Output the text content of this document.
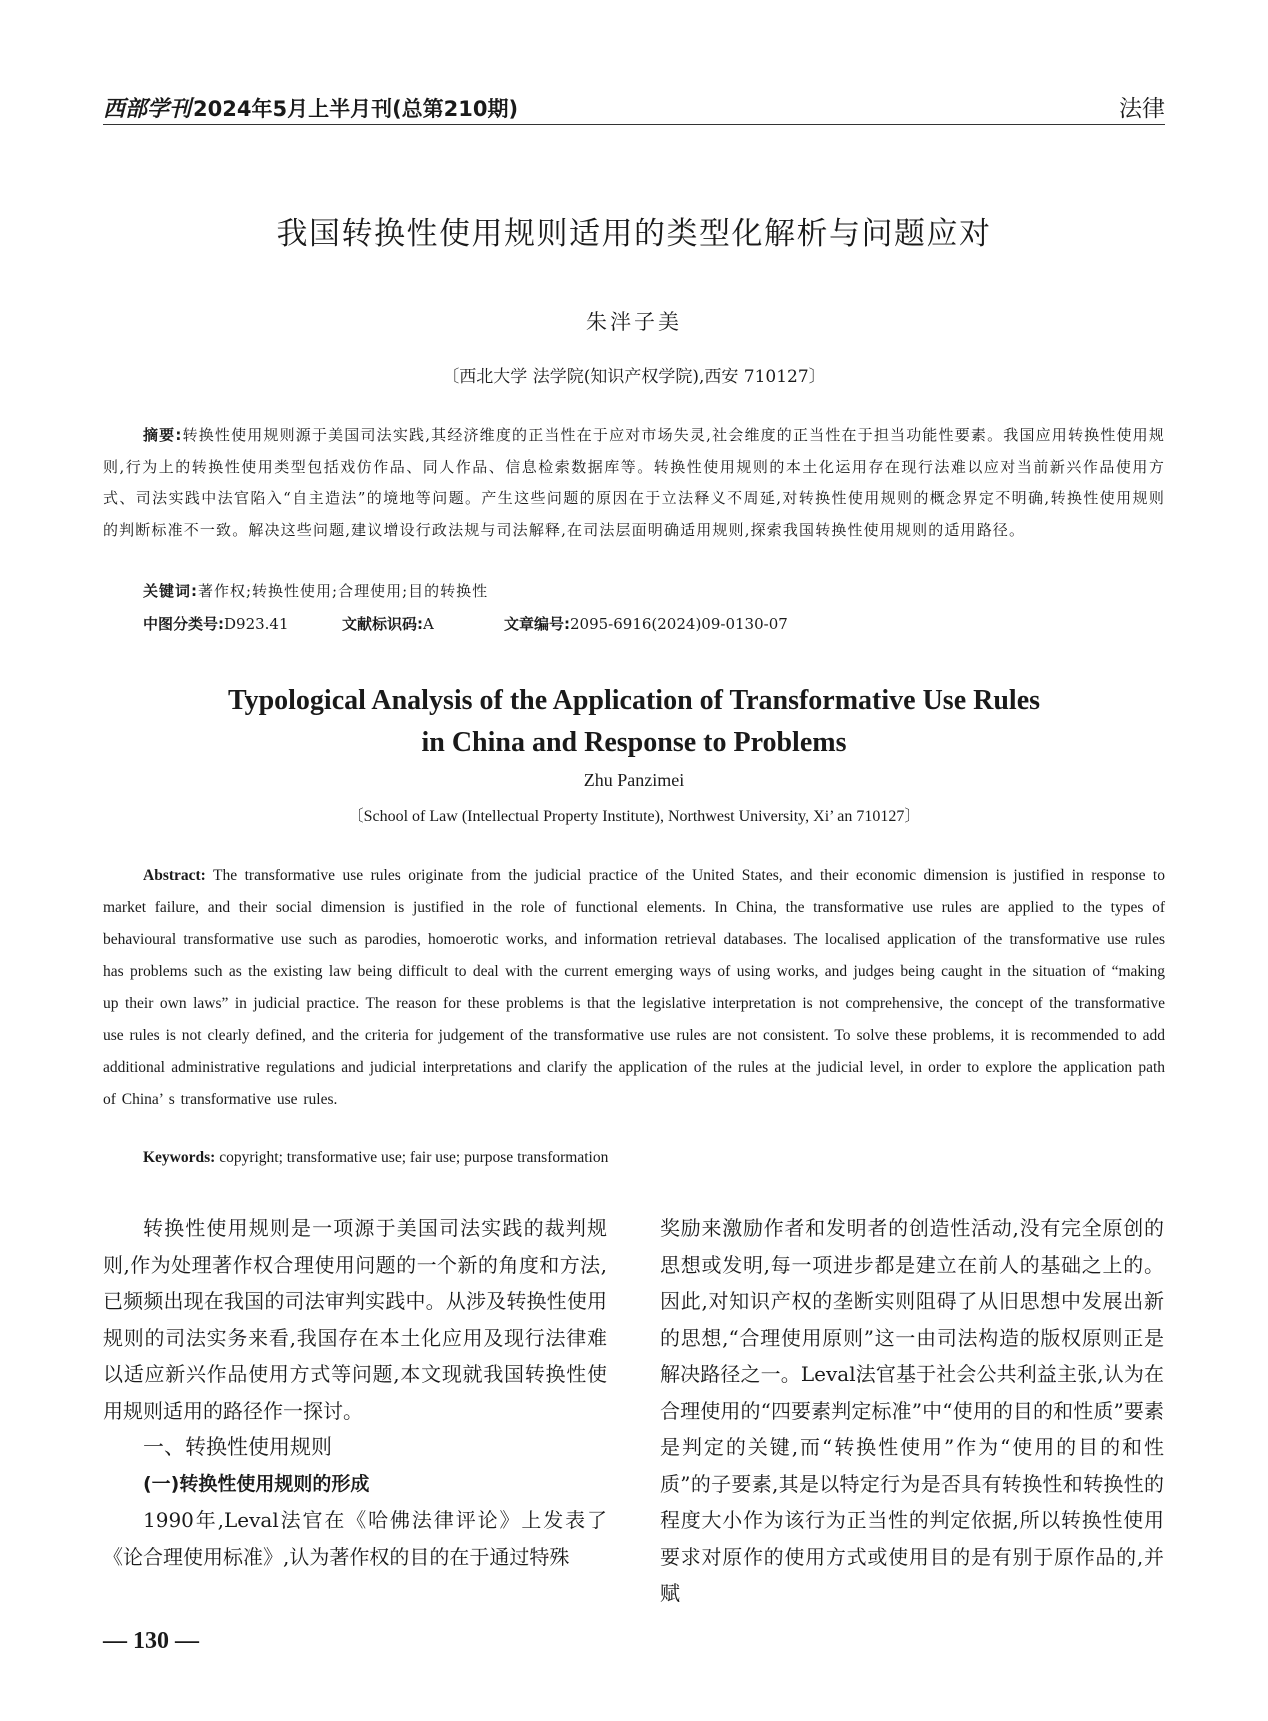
西部学刊2024年5月上半月刊(总第210期)	法律
我国转换性使用规则适用的类型化解析与问题应对
朱泮子美
〔西北大学 法学院(知识产权学院),西安 710127〕

摘要:转换性使用规则源于美国司法实践,其经济维度的正当性在于应对市场失灵,社会维度的正当性在于担当功能性要素。我国应用转换性使用规则,行为上的转换性使用类型包括戏仿作品、同人作品、信息检索数据库等。转换性使用规则的本土化运用存在现行法难以应对当前新兴作品使用方式、司法实践中法官陷入“自主造法”的境地等问题。产生这些问题的原因在于立法释义不周延,对转换性使用规则的概念界定不明确,转换性使用规则的判断标准不一致。解决这些问题,建议增设行政法规与司法解释,在司法层面明确适用规则,探索我国转换性使用规则的适用路径。

关键词:著作权;转换性使用;合理使用;目的转换性
中图分类号:D923.41	文献标识码:A	文章编号:2095-6916(2024)09-0130-07
Typological Analysis of the Application of Transformative Use Rules
in China and Response to Problems
Zhu Panzimei
〔School of Law (Intellectual Property Institute), Northwest University, Xi’ an 710127〕

Abstract: The transformative use rules originate from the judicial practice of the United States, and their economic dimension is justified in response to market failure, and their social dimension is justified in the role of functional elements. In China, the transformative use rules are applied to the types of behavioural transformative use such as parodies, homoerotic works, and information retrieval databases. The localised application of the transformative use rules has problems such as the existing law being difficult to deal with the current emerging ways of using works, and judges being caught in the situation of “making up their own laws” in judicial practice. The reason for these problems is that the legislative interpretation is not comprehensive, the concept of the transformative use rules is not clearly defined, and the criteria for judgement of the transformative use rules are not consistent. To solve these problems, it is recommended to add additional administrative regulations and judicial interpretations and clarify the application of the rules at the judicial level, in order to explore the application path of China’ s transformative use rules.

Keywords: copyright; transformative use; fair use; purpose transformation

转换性使用规则是一项源于美国司法实践的裁判规则,作为处理著作权合理使用问题的一个新的角度和方法,已频频出现在我国的司法审判实践中。从涉及转换性使用规则的司法实务来看,我国存在本土化应用及现行法律难以适应新兴作品使用方式等问题,本文现就我国转换性使用规则适用的路径作一探讨。

一、转换性使用规则

(一)转换性使用规则的形成

1990年,Leval法官在《哈佛法律评论》上发表了《论合理使用标准》,认为著作权的目的在于通过特殊

奖励来激励作者和发明者的创造性活动,没有完全原创的思想或发明,每一项进步都是建立在前人的基础之上的。因此,对知识产权的垄断实则阻碍了从旧思想中发展出新的思想,“合理使用原则”这一由司法构造的版权原则正是解决路径之一。Leval法官基于社会公共利益主张,认为在合理使用的“四要素判定标准”中“使用的目的和性质”要素是判定的关键,而“转换性使用”作为“使用的目的和性质”的子要素,其是以特定行为是否具有转换性和转换性的程度大小作为该行为正当性的判定依据,所以转换性使用要求对原作的使用方式或使用目的是有别于原作品的,并赋

— 130 —
